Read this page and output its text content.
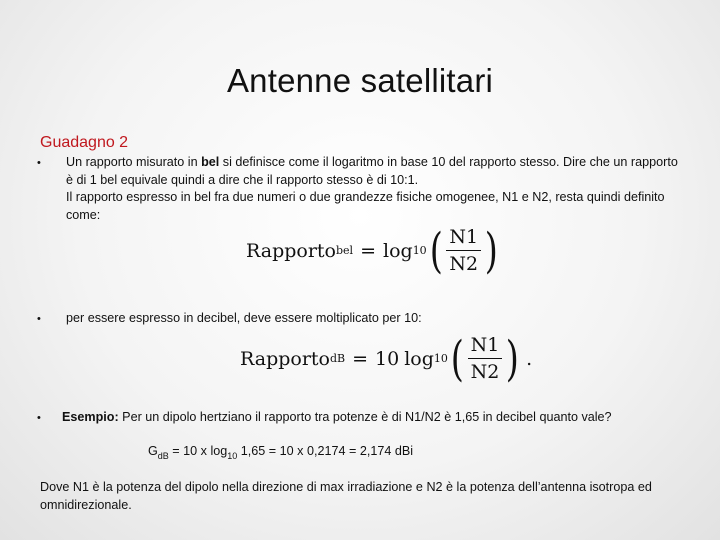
Antenne satellitari
Guadagno 2
• Un rapporto misurato in bel si definisce come il logaritmo in base 10 del rapporto stesso. Dire che un rapporto è di 1 bel equivale quindi a dire che il rapporto stesso è di 10:1.
Il rapporto espresso in bel fra due numeri o due grandezze fisiche omogenee, N1 e N2, resta quindi definito come:
Rapporto bel = log 10 ( $\frac{N1}{N2}$ )
• per essere espresso in decibel, deve essere moltiplicato per 10:
Rapporto dB = 10 log 10 ( $\frac{N1}{N2}$ ) .
• Esempio: Per un dipolo hertziano il rapporto tra potenze è di N1/N2 è 1,65 in decibel quanto vale?
$G_{dB} = 10$ x $\log_{10} 1,65 = 10$ x 0,2174 = 2,174 dBi
Dove N1 è la potenza del dipolo nella direzione di max irradiazione e N2 è la potenza dell’antenna isotropa ed omnidirezionale.
